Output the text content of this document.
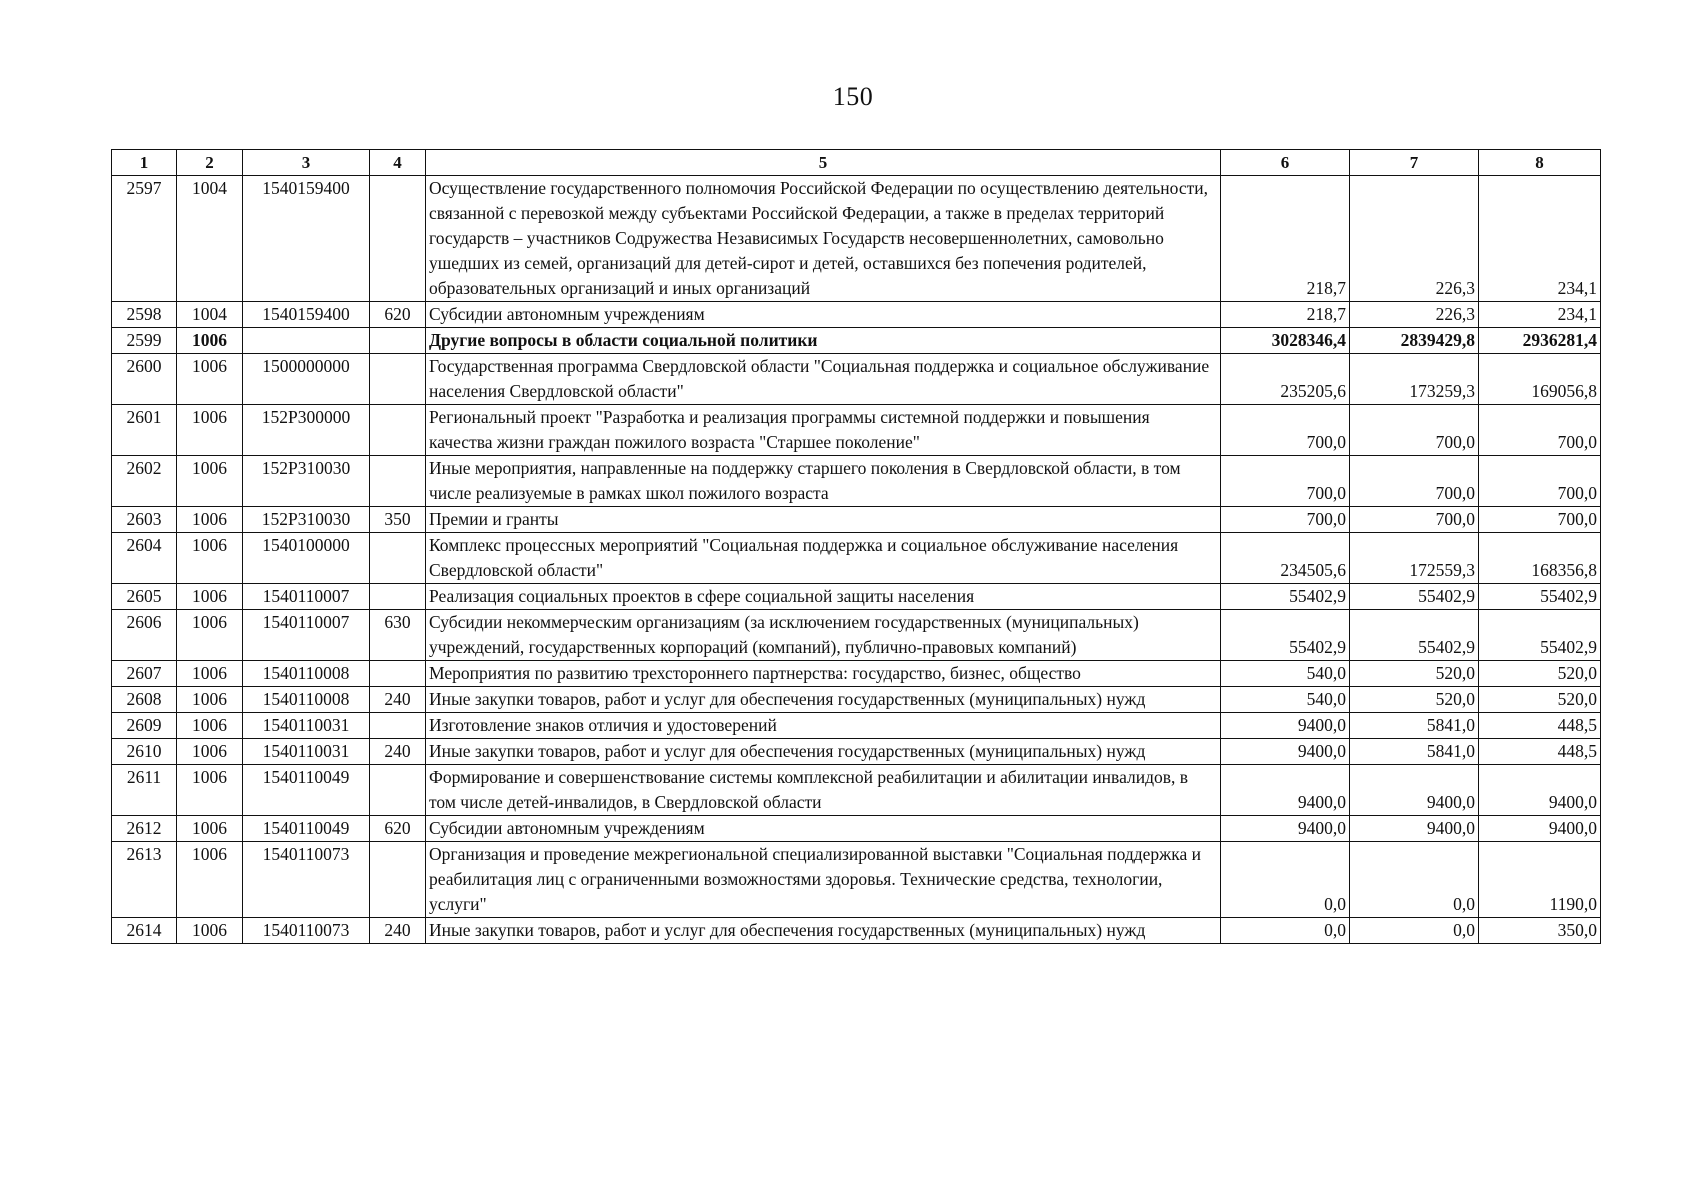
150
1	2	3	4	5	6	7	8
2597	1004	1540159400		Осуществление государственного полномочия Российской Федерации по осуществлению деятельности, связанной с перевозкой между субъектами Российской Федерации, а также в пределах территорий государств – участников Содружества Независимых Государств несовершеннолетних, самовольно ушедших из семей, организаций для детей-сирот и детей, оставшихся без попечения родителей, образовательных организаций и иных организаций	218,7	226,3	234,1
2598	1004	1540159400	620	Субсидии автономным учреждениям	218,7	226,3	234,1
2599	1006			Другие вопросы в области социальной политики	3028346,4	2839429,8	2936281,4
2600	1006	1500000000		Государственная программа Свердловской области "Социальная поддержка и социальное обслуживание населения Свердловской области"	235205,6	173259,3	169056,8
2601	1006	152P300000		Региональный проект "Разработка и реализация программы системной поддержки и повышения качества жизни граждан пожилого возраста "Старшее поколение"	700,0	700,0	700,0
2602	1006	152P310030		Иные мероприятия, направленные на поддержку старшего поколения в Свердловской области, в том числе реализуемые в рамках школ пожилого возраста	700,0	700,0	700,0
2603	1006	152P310030	350	Премии и гранты	700,0	700,0	700,0
2604	1006	1540100000		Комплекс процессных мероприятий "Социальная поддержка и социальное обслуживание населения Свердловской области"	234505,6	172559,3	168356,8
2605	1006	1540110007		Реализация социальных проектов в сфере социальной защиты населения	55402,9	55402,9	55402,9
2606	1006	1540110007	630	Субсидии некоммерческим организациям (за исключением государственных (муниципальных) учреждений, государственных корпораций (компаний), публично-правовых компаний)	55402,9	55402,9	55402,9
2607	1006	1540110008		Мероприятия по развитию трехстороннего партнерства: государство, бизнес, общество	540,0	520,0	520,0
2608	1006	1540110008	240	Иные закупки товаров, работ и услуг для обеспечения государственных (муниципальных) нужд	540,0	520,0	520,0
2609	1006	1540110031		Изготовление знаков отличия и удостоверений	9400,0	5841,0	448,5
2610	1006	1540110031	240	Иные закупки товаров, работ и услуг для обеспечения государственных (муниципальных) нужд	9400,0	5841,0	448,5
2611	1006	1540110049		Формирование и совершенствование системы комплексной реабилитации и абилитации инвалидов, в том числе детей-инвалидов, в Свердловской области	9400,0	9400,0	9400,0
2612	1006	1540110049	620	Субсидии автономным учреждениям	9400,0	9400,0	9400,0
2613	1006	1540110073		Организация и проведение межрегиональной специализированной выставки "Социальная поддержка и реабилитация лиц с ограниченными возможностями здоровья. Технические средства, технологии, услуги"	0,0	0,0	1190,0
2614	1006	1540110073	240	Иные закупки товаров, работ и услуг для обеспечения государственных (муниципальных) нужд	0,0	0,0	350,0
